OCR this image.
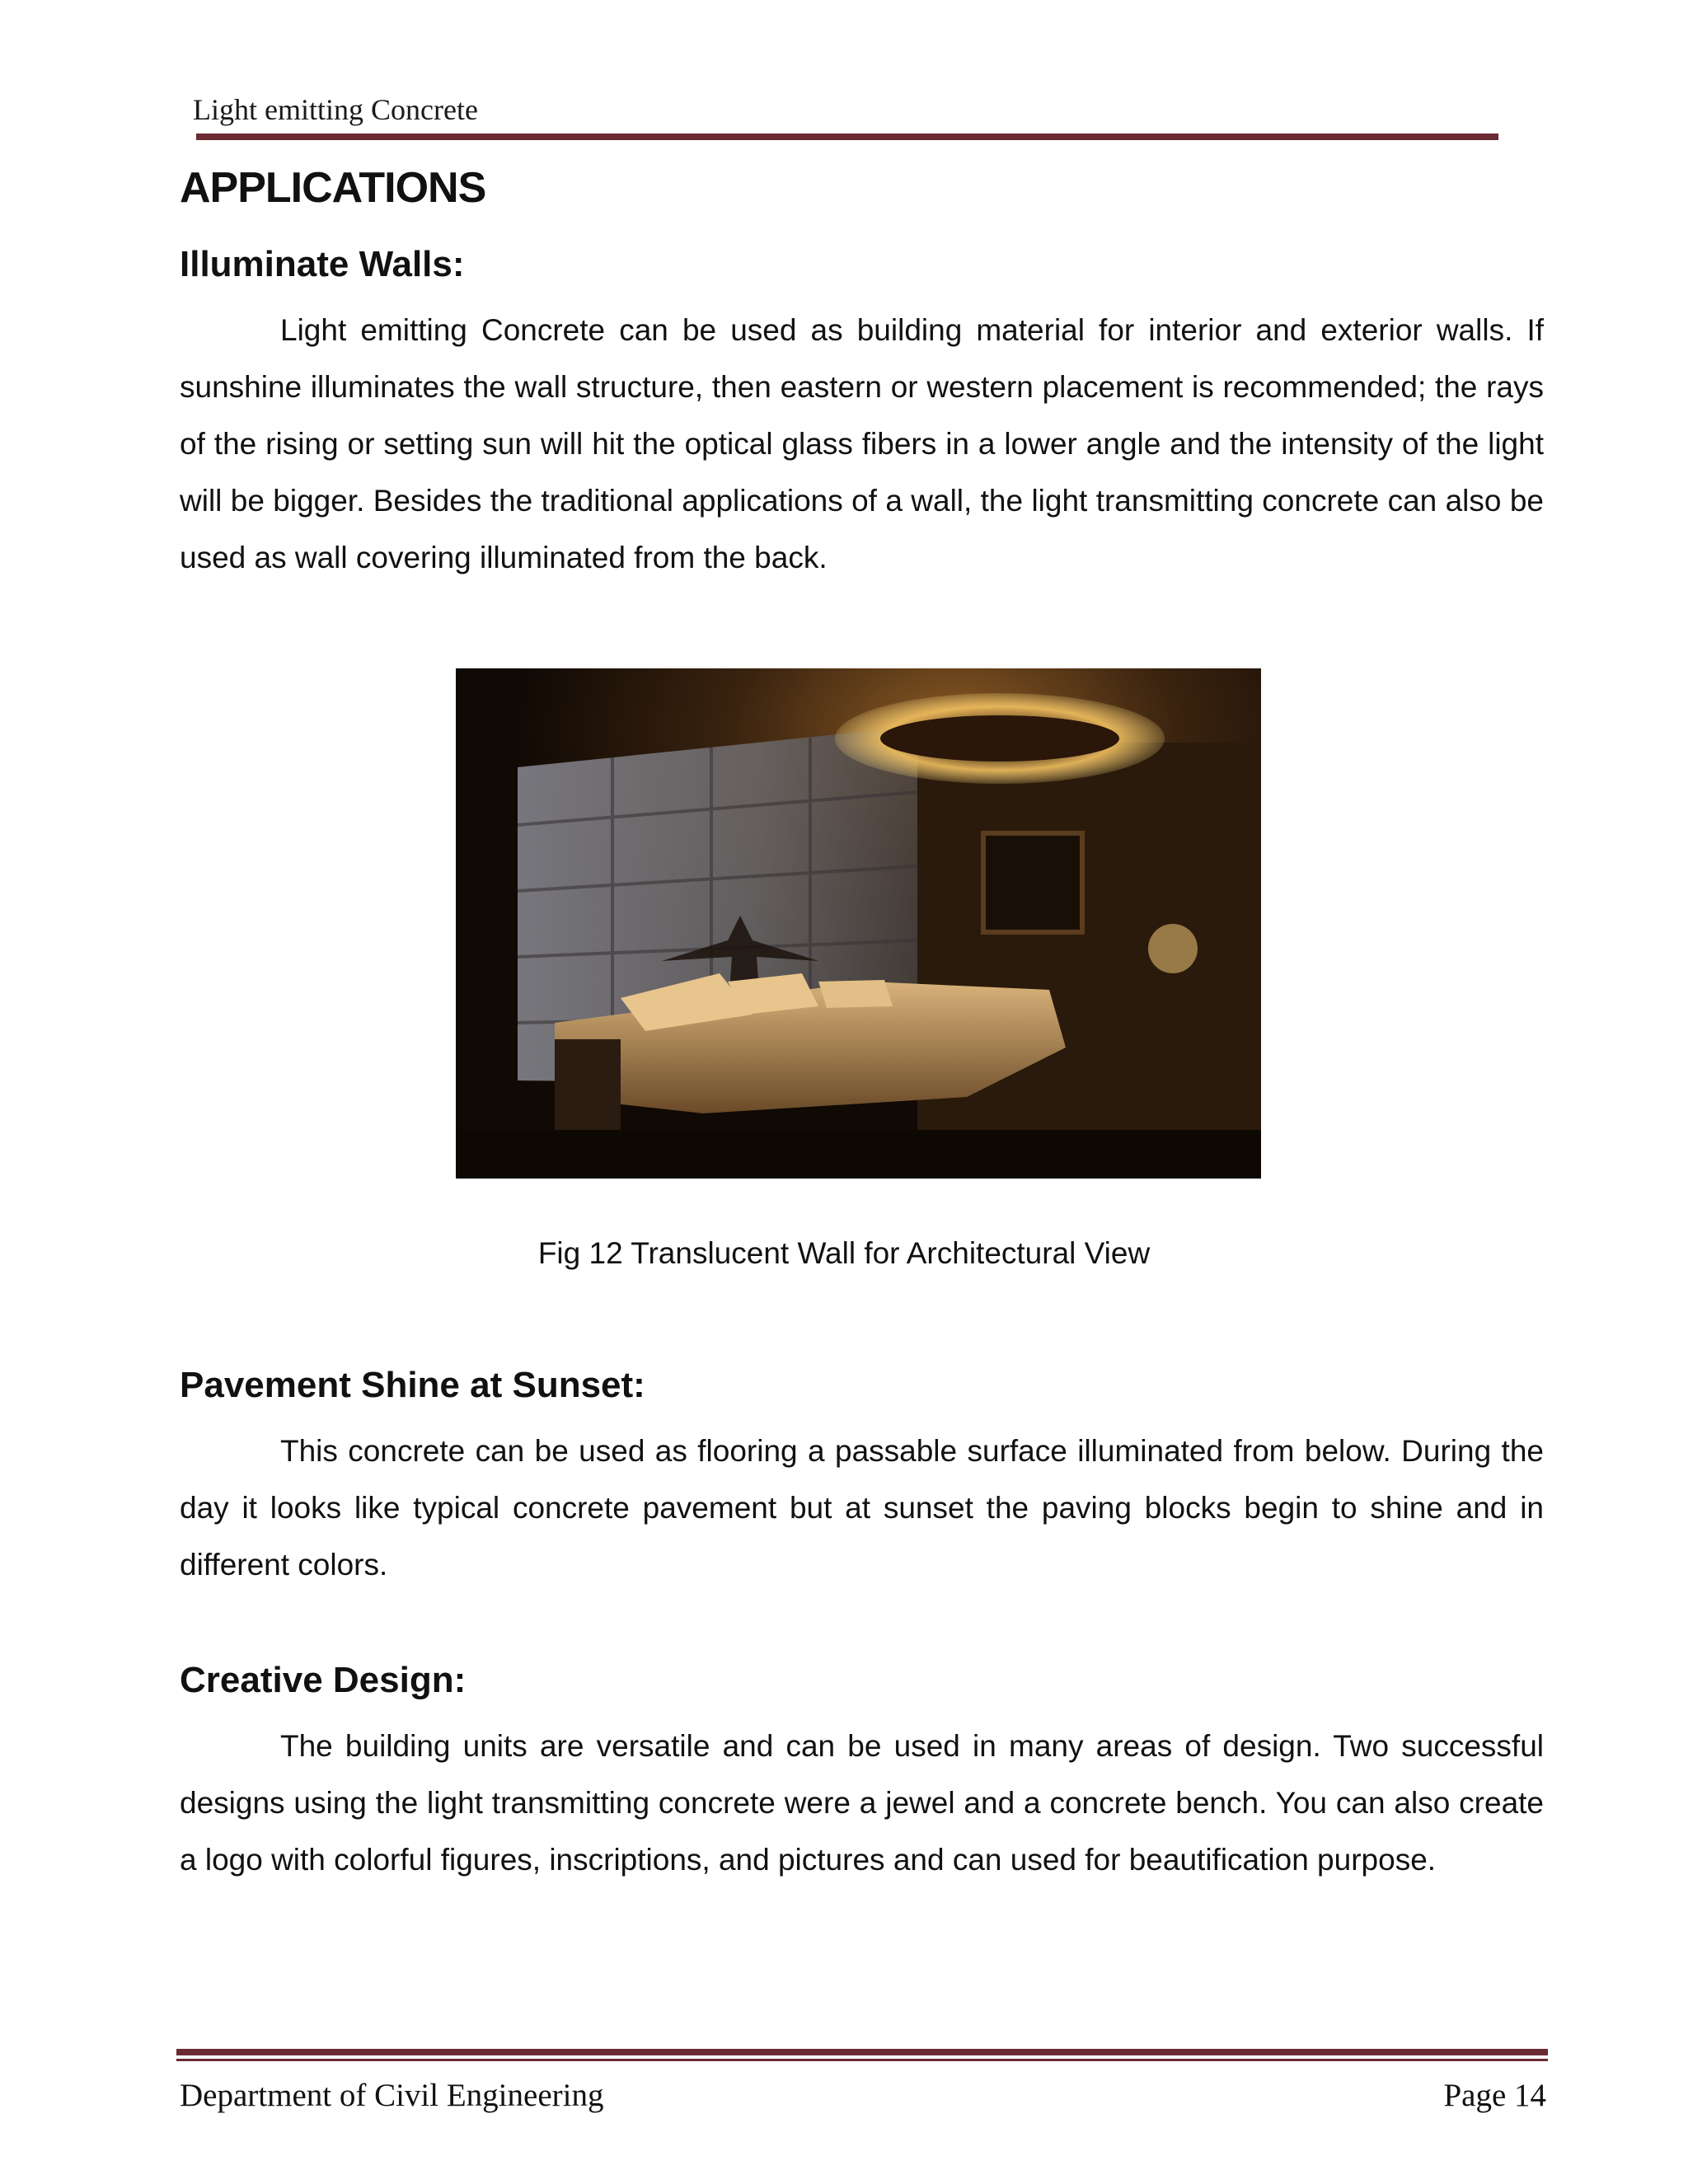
Light emitting Concrete
APPLICATIONS
Illuminate Walls:

Light emitting Concrete can be used as building material for interior and exterior walls. If sunshine illuminates the wall structure, then eastern or western placement is recommended; the rays of the rising or setting sun will hit the optical glass fibers in a lower angle and the intensity of the light will be bigger. Besides the traditional applications of a wall, the light transmitting concrete can also be used as wall covering illuminated from the back.

Fig 12 Translucent Wall for Architectural View
Pavement Shine at Sunset:

This concrete can be used as flooring a passable surface illuminated from below. During the day it looks like typical concrete pavement but at sunset the paving blocks begin to shine and in different colors.

Creative Design:

The building units are versatile and can be used in many areas of design. Two successful designs using the light transmitting concrete were a jewel and a concrete bench. You can also create a logo with colorful figures, inscriptions, and pictures and can used for beautification purpose.

Department of Civil Engineering	Page 14
